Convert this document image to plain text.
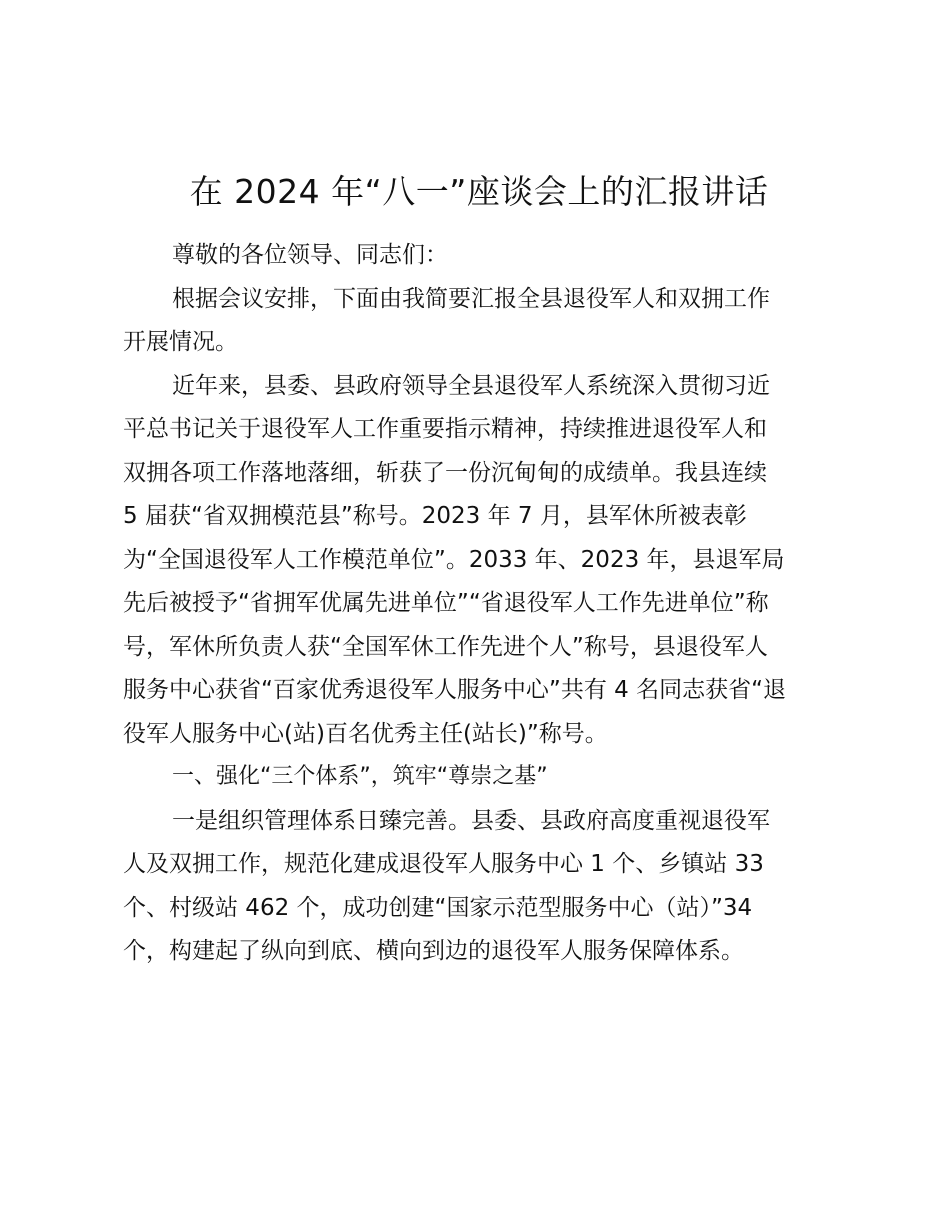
在 2024 年“八一”座谈会上的汇报讲话
尊敬的各位领导、同志们：
根据会议安排，下面由我简要汇报全县退役军人和双拥工作
开展情况。
近年来，县委、县政府领导全县退役军人系统深入贯彻习近
平总书记关于退役军人工作重要指示精神，持续推进退役军人和
双拥各项工作落地落细，斩获了一份沉甸甸的成绩单。我县连续
5 届获“省双拥模范县”称号。2023 年 7 月，县军休所被表彰
为“全国退役军人工作模范单位”。2033 年、2023 年，县退军局
先后被授予“省拥军优属先进单位”“省退役军人工作先进单位”称
号，军休所负责人获“全国军休工作先进个人”称号，县退役军人
服务中心获省“百家优秀退役军人服务中心”共有 4 名同志获省“退
役军人服务中心(站)百名优秀主任(站长)”称号。
一、强化“三个体系”，筑牢“尊崇之基”
一是组织管理体系日臻完善。县委、县政府高度重视退役军
人及双拥工作，规范化建成退役军人服务中心 1 个、乡镇站 33
个、村级站 462 个，成功创建“国家示范型服务中心（站）”34
个，构建起了纵向到底、横向到边的退役军人服务保障体系。
